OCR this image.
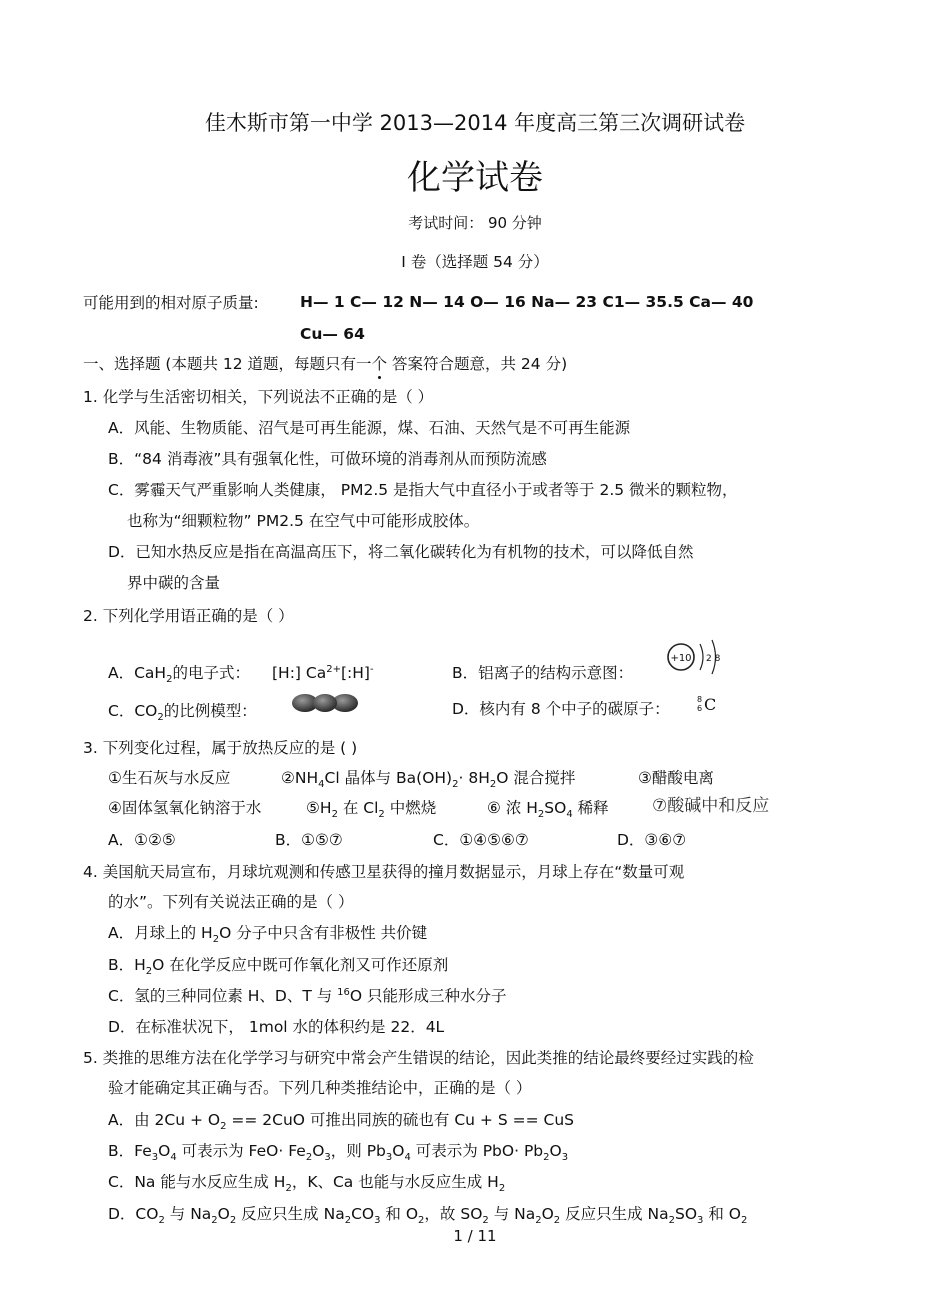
佳木斯市第一中学 2013—2014 年度高三第三次调研试卷
化学试卷
考试时间： 90 分钟
I 卷（选择题 54 分）
可能用到的相对原子质量:	H— 1 C— 12 N— 14 O— 16 Na— 23 C1— 35.5 Ca— 40
Cu— 64
一、选择题 (本题共 12 道题，每题只有一个 答案符合题意，共 24 分)
1. 化学与生活密切相关，下列说法不正确的是（ ）
A．风能、生物质能、沼气是可再生能源，煤、石油、天然气是不可再生能源
B．“84 消毒液”具有强氧化性，可做环境的消毒剂从而预防流感
C．雾霾天气严重影响人类健康， PM2.5 是指大气中直径小于或者等于 2.5 微米的颗粒物，
也称为“细颗粒物” PM2.5 在空气中可能形成胶体。
D．已知水热反应是指在高温高压下，将二氧化碳转化为有机物的技术，可以降低自然
界中碳的含量
2. 下列化学用语正确的是（ ）
A．CaH$_2$的电子式： [H:] $Ca^{2+}[:H]^-$	B．铝离子的结构示意图：
+10 2 8
C．$CO_2$的比例模型：	D．核内有 8 个中子的碳原子：
8
6 C
3. 下列变化过程，属于放热反应的是 ( )
①生石灰与水反应	$②NH_4Cl$ 晶体与 $Ba(OH)_2\cdot 8H_2O$ 混合搅拌	③醋酸电离
④固体氢氧化钠溶于水	$⑤H_2$ 在 $Cl_2$ 中燃烧	⑥ 浓 $H_2SO_4$ 稀释	⑦酸碱中和反应
A．①②⑤	B．①⑤⑦	C．①④⑤⑥⑦	D．③⑥⑦
4. 美国航天局宣布，月球坑观测和传感卫星获得的撞月数据显示，月球上存在“数量可观
的水”。下列有关说法正确的是（ ）
A．月球上的 $H_2O$ 分子中只含有非极性 共价键
B．$H_2O$ 在化学反应中既可作氧化剂又可作还原剂
C．氢的三种同位素 H、D、T 与 $^{16}$O 只能形成三种水分子
D．在标准状况下， 1mol 水的体积约是 22．4L
5. 类推的思维方法在化学学习与研究中常会产生错误的结论，因此类推的结论最终要经过实践的检
验才能确定其正确与否。下列几种类推结论中，正确的是（ ）
A．由 $2Cu + O_2 == 2CuO$ 可推出同族的硫也有 Cu + S == CuS
B．$Fe_3O_4$ 可表示为 $FeO\cdot Fe_2O_3$，则 $Pb_3O_4$ 可表示为 $PbO\cdot Pb_2O_3$
C．Na 能与水反应生成 $H_2$，K、Ca 也能与水反应生成 $H_2$
D．$CO_2$ 与 $Na_2O_2$ 反应只生成 $Na_2CO_3$ 和 $O_2$，故 $SO_2$ 与 $Na_2O_2$ 反应只生成 $Na_2SO_3$ 和 $O_2$
1 / 11
